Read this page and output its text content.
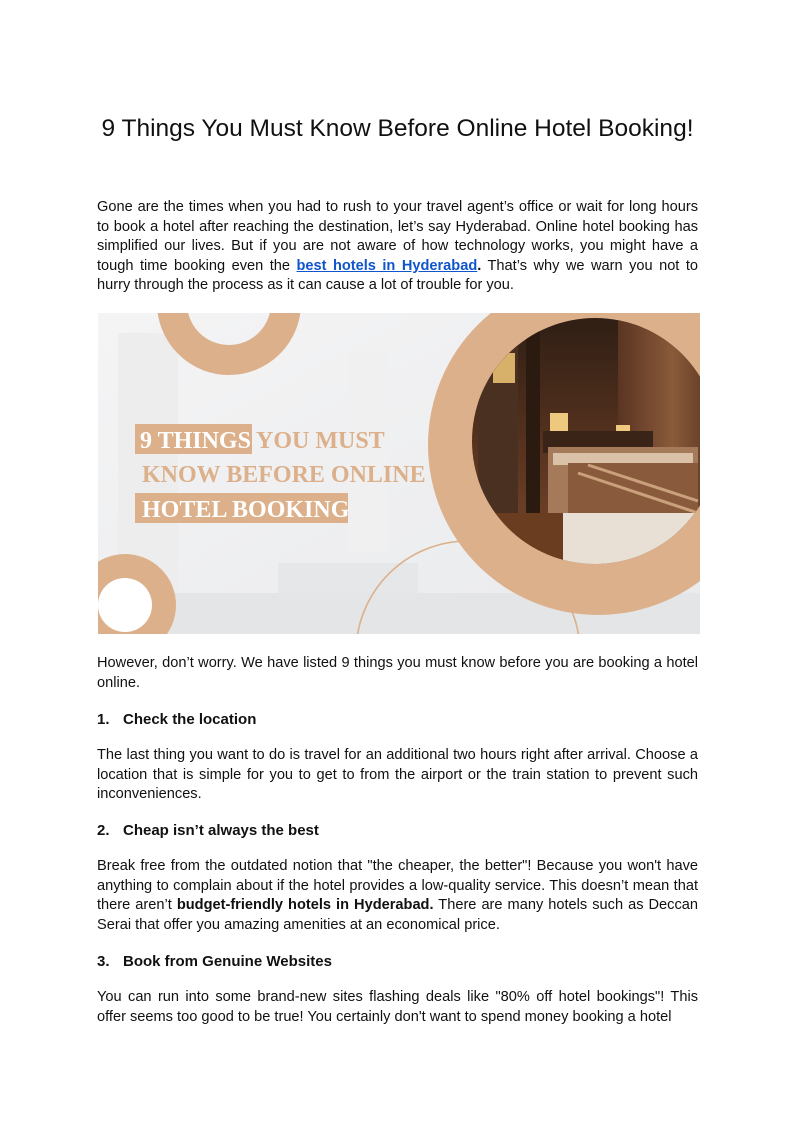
9 Things You Must Know Before Online Hotel Booking!

Gone are the times when you had to rush to your travel agent’s office or wait for long hours to book a hotel after reaching the destination, let’s say Hyderabad. Online hotel booking has simplified our lives. But if you are not aware of how technology works, you might have a tough time booking even the best hotels in Hyderabad. That’s why we warn you not to hurry through the process as it can cause a lot of trouble for you.

9 THINGS YOU MUST
KNOW BEFORE ONLINE
HOTEL BOOKING

However, don’t worry. We have listed 9 things you must know before you are booking a hotel online.

1. Check the location

The last thing you want to do is travel for an additional two hours right after arrival. Choose a location that is simple for you to get to from the airport or the train station to prevent such inconveniences.

2. Cheap isn’t always the best

Break free from the outdated notion that "the cheaper, the better"! Because you won't have anything to complain about if the hotel provides a low-quality service. This doesn’t mean that there aren’t budget-friendly hotels in Hyderabad. There are many hotels such as Deccan Serai that offer you amazing amenities at an economical price.

3. Book from Genuine Websites

You can run into some brand-new sites flashing deals like "80% off hotel bookings"! This offer seems too good to be true! You certainly don't want to spend money booking a hotel
